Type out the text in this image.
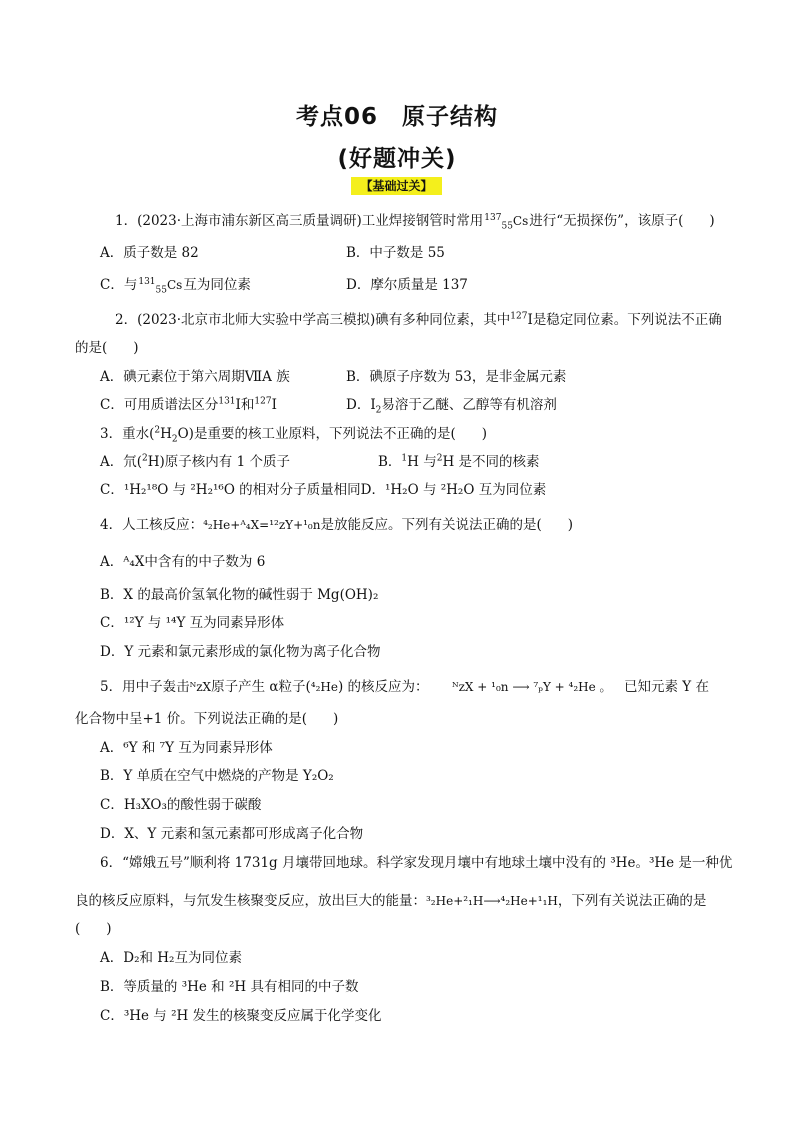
考点06　原子结构
(好题冲关)
【基础过关】
1．(2023·上海市浦东新区高三质量调研)工业焊接钢管时常用$^{137}_{55}$Cs进行“无损探伤”，该原子( )
A．质子数是 82	B．中子数是 55
C．与$^{131}_{55}$Cs互为同位素	D．摩尔质量是 137
2．(2023·北京市北师大实验中学高三模拟)碘有多种同位素，其中$^{127}$I是稳定同位素。下列说法不正确
的是( )
A．碘元素位于第六周期ⅦA 族	B．碘原子序数为 53，是非金属元素
C．可用质谱法区分$^{131}$I和$^{127}$I	D．$I_2$易溶于乙醚、乙醇等有机溶剂
3．重水$(^2H_2O)$是重要的核工业原料，下列说法不正确的是( )
A．氘($^2$H)原子核内有 1 个质子	B．$^1$H 与$^2$H 是不同的核素
C．¹H₂¹⁸O 与 ²H₂¹⁶O 的相对分子质量相同D．¹H₂O 与 ²H₂O 互为同位素
4．人工核反应：⁴₂He+ᴬ₄X=¹²ᴢY+¹₀n是放能反应。下列有关说法正确的是( )
A．ᴬ₄X中含有的中子数为 6
B．X 的最高价氢氧化物的碱性弱于 Mg(OH)₂
C．¹²Y 与 ¹⁴Y 互为同素异形体
D．Y 元素和氯元素形成的氯化物为离子化合物
5．用中子轰击ᴺᴢX原子产生 α粒子(⁴₂He) 的核反应为： ᴺᴢX + ¹₀n ⟶ ⁷ₚY + ⁴₂He 。 已知元素 Y 在
化合物中呈+1 价。下列说法正确的是( )
A．⁶Y 和 ⁷Y 互为同素异形体
B．Y 单质在空气中燃烧的产物是 Y₂O₂
C．H₃XO₃的酸性弱于碳酸
D．X、Y 元素和氢元素都可形成离子化合物
6．“嫦娥五号”顺利将 1731g 月壤带回地球。科学家发现月壤中有地球土壤中没有的 ³He。³He 是一种优
良的核反应原料，与氘发生核聚变反应，放出巨大的能量：³₂He+²₁H⟶⁴₂He+¹₁H，下列有关说法正确的是
( )
A．D₂和 H₂互为同位素
B．等质量的 ³He 和 ²H 具有相同的中子数
C．³He 与 ²H 发生的核聚变反应属于化学变化
